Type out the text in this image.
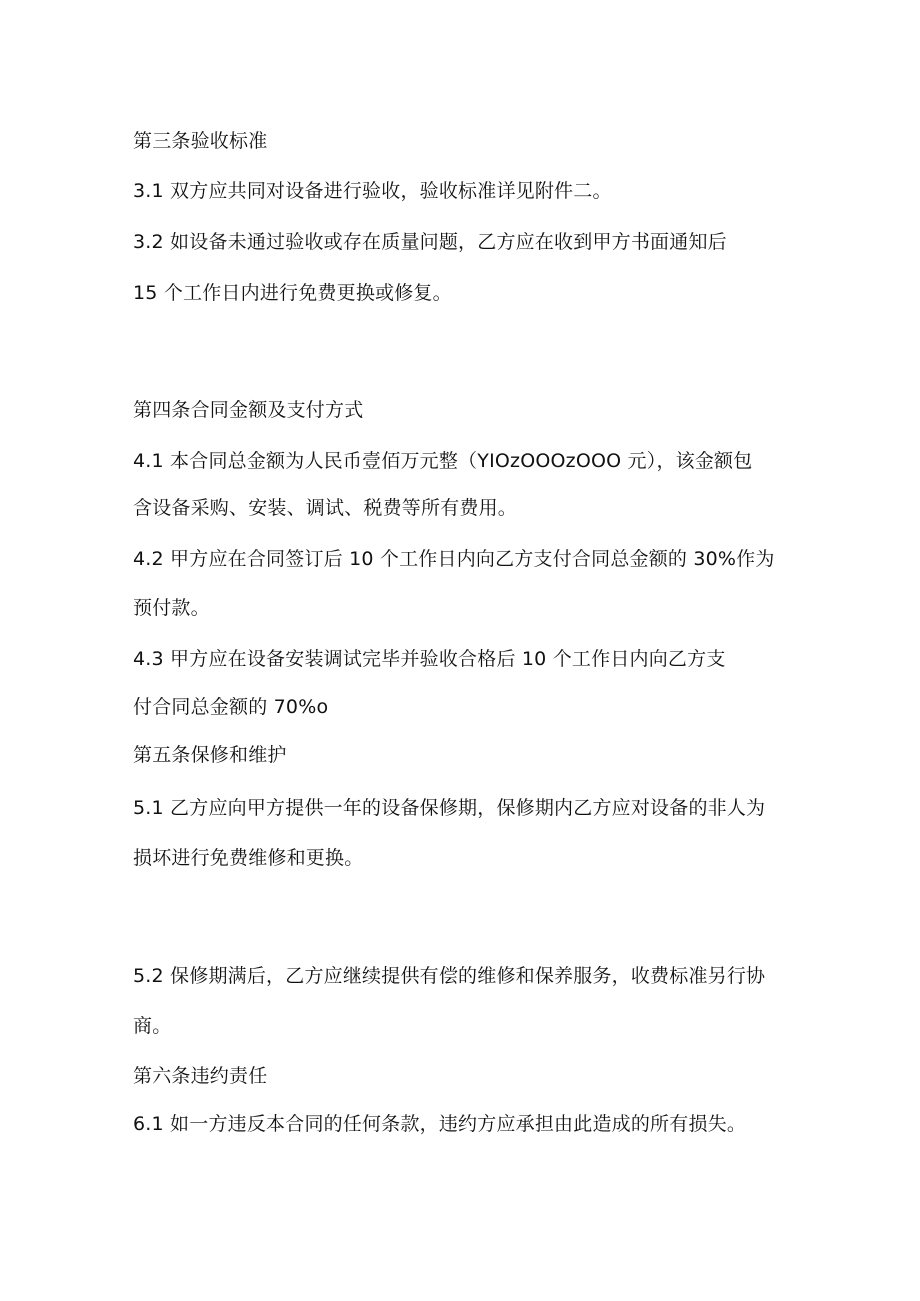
第三条验收标准
3.1 双方应共同对设备进行验收，验收标准详见附件二。
3.2 如设备未通过验收或存在质量问题，乙方应在收到甲方书面通知后
15 个工作日内进行免费更换或修复。
第四条合同金额及支付方式
4.1 本合同总金额为人民币壹佰万元整（YIOzOOOzOOO 元），该金额包
含设备采购、安装、调试、税费等所有费用。
4.2 甲方应在合同签订后 10 个工作日内向乙方支付合同总金额的 30%作为
预付款。
4.3 甲方应在设备安装调试完毕并验收合格后 10 个工作日内向乙方支
付合同总金额的 70%o
第五条保修和维护
5.1 乙方应向甲方提供一年的设备保修期，保修期内乙方应对设备的非人为
损坏进行免费维修和更换。
5.2 保修期满后，乙方应继续提供有偿的维修和保养服务，收费标准另行协
商。
第六条违约责任
6.1 如一方违反本合同的任何条款，违约方应承担由此造成的所有损失。
